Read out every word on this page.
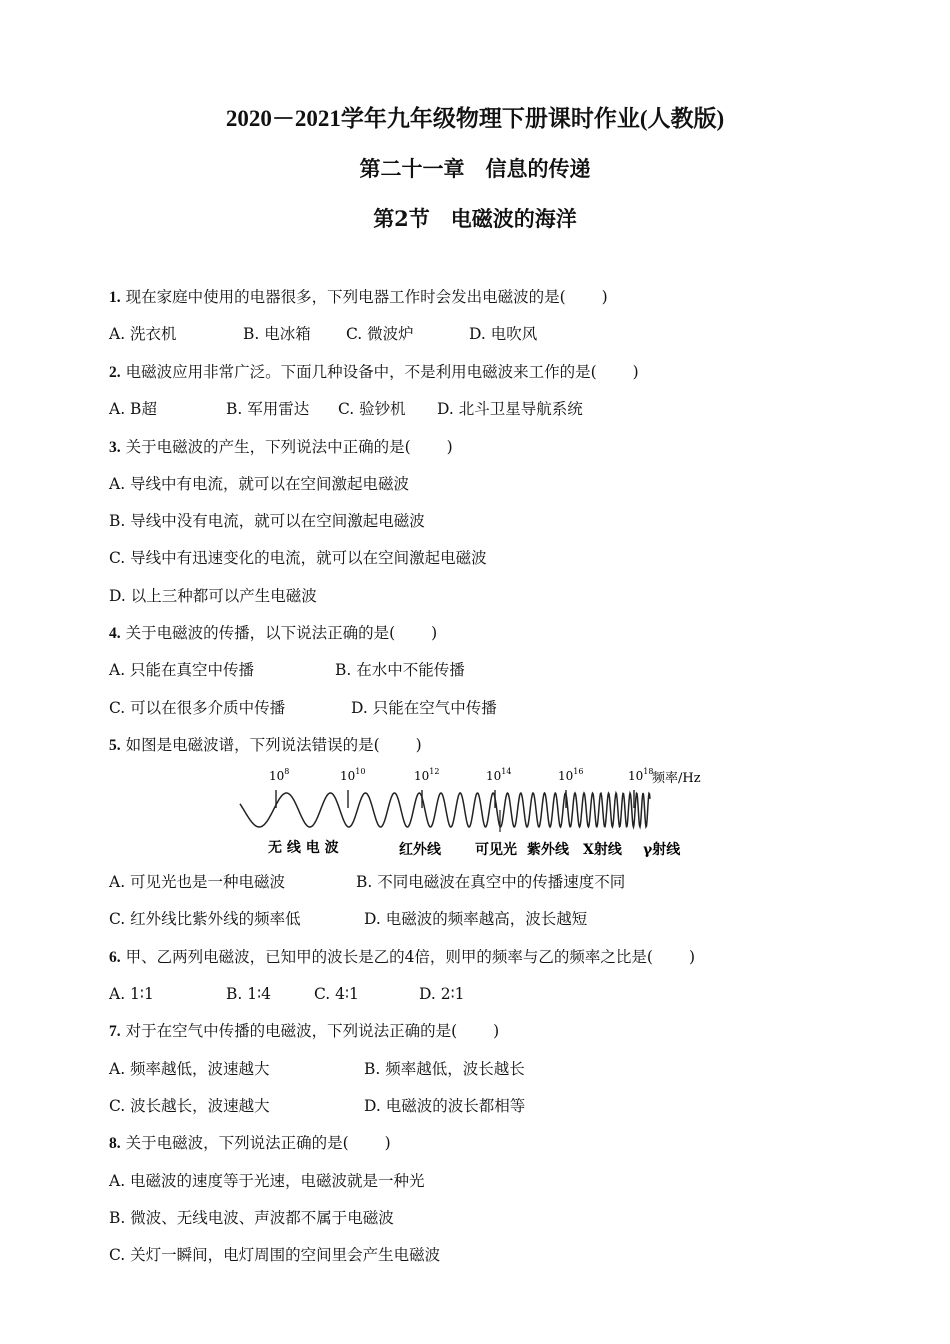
2020－2021学年九年级物理下册课时作业(人教版)
第二十一章　信息的传递
第2节　电磁波的海洋
1. 现在家庭中使用的电器很多，下列电器工作时会发出电磁波的是( )
A. 洗衣机	B. 电冰箱 C. 微波炉	D. 电吹风
2. 电磁波应用非常广泛。下面几种设备中，不是利用电磁波来工作的是( )
A. B超	B. 军用雷达 C. 验钞机 D. 北斗卫星导航系统
3. 关于电磁波的产生，下列说法中正确的是( )
A. 导线中有电流，就可以在空间激起电磁波
B. 导线中没有电流，就可以在空间激起电磁波
C. 导线中有迅速变化的电流，就可以在空间激起电磁波
D. 以上三种都可以产生电磁波
4. 关于电磁波的传播，以下说法正确的是( )
A. 只能在真空中传播	B. 在水中不能传播
C. 可以在很多介质中传播	D. 只能在空气中传播
5. 如图是电磁波谱，下列说法错误的是( )
$10^8$	$10^{10}$	$10^{12}$	$10^{14}$	$10^{16}$	$10^{18}$
频率/Hz
无 线 电 波	红外线 可见光 紫外线 X射线 γ射线
A. 可见光也是一种电磁波	B. 不同电磁波在真空中的传播速度不同
C. 红外线比紫外线的频率低	D. 电磁波的频率越高，波长越短
6. 甲、乙两列电磁波，已知甲的波长是乙的4倍，则甲的频率与乙的频率之比是( )
A. 1∶1	B. 1∶4	C. 4∶1	D. 2∶1
7. 对于在空气中传播的电磁波，下列说法正确的是( )
A. 频率越低，波速越大	B. 频率越低，波长越长
C. 波长越长，波速越大	D. 电磁波的波长都相等
8. 关于电磁波，下列说法正确的是( )
A. 电磁波的速度等于光速，电磁波就是一种光
B. 微波、无线电波、声波都不属于电磁波
C. 关灯一瞬间，电灯周围的空间里会产生电磁波
